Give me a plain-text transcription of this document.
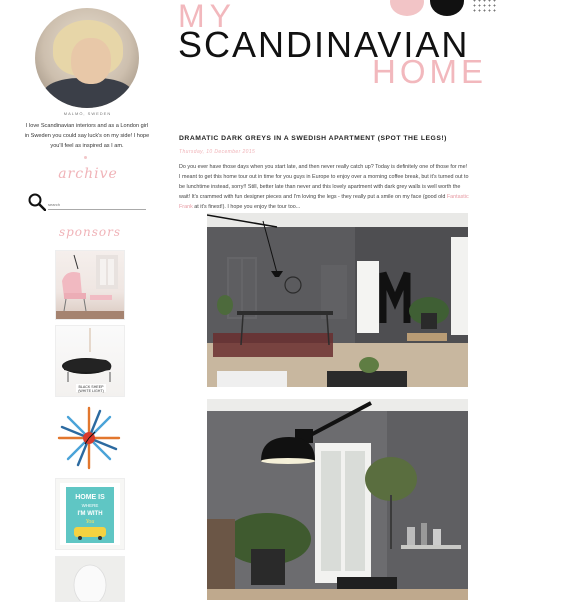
MALMÖ, SWEDEN
I love Scandinavian interiors and as a London girl in Sweden you could say luck's on my side! I hope you'll feel as inspired as I am.
archive
search
sponsors
BLACK SHEEP
(WHITE LIGHT)
HOME IS
WHERE
I'M WITH
You
MY
SCANDINAVIAN
HOME
DRAMATIC DARK GREYS IN A SWEDISH APARTMENT (SPOT THE LEGS!)
Thursday, 10 December 2015
Do you ever have those days when you start late, and then never really catch up? Today is definitely one of those for me! I meant to get this home tour out in time for you guys in Europe to enjoy over a morning coffee break, but it's turned out to be lunchtime instead, sorry!! Still, better late than never and this lovely apartment with dark grey walls is well worth the wait! It's crammed with fun designer pieces and I'm loving the legs - they really put a smile on my face (good old Fantastic Frank at it's finest!). I hope you enjoy the tour too...
